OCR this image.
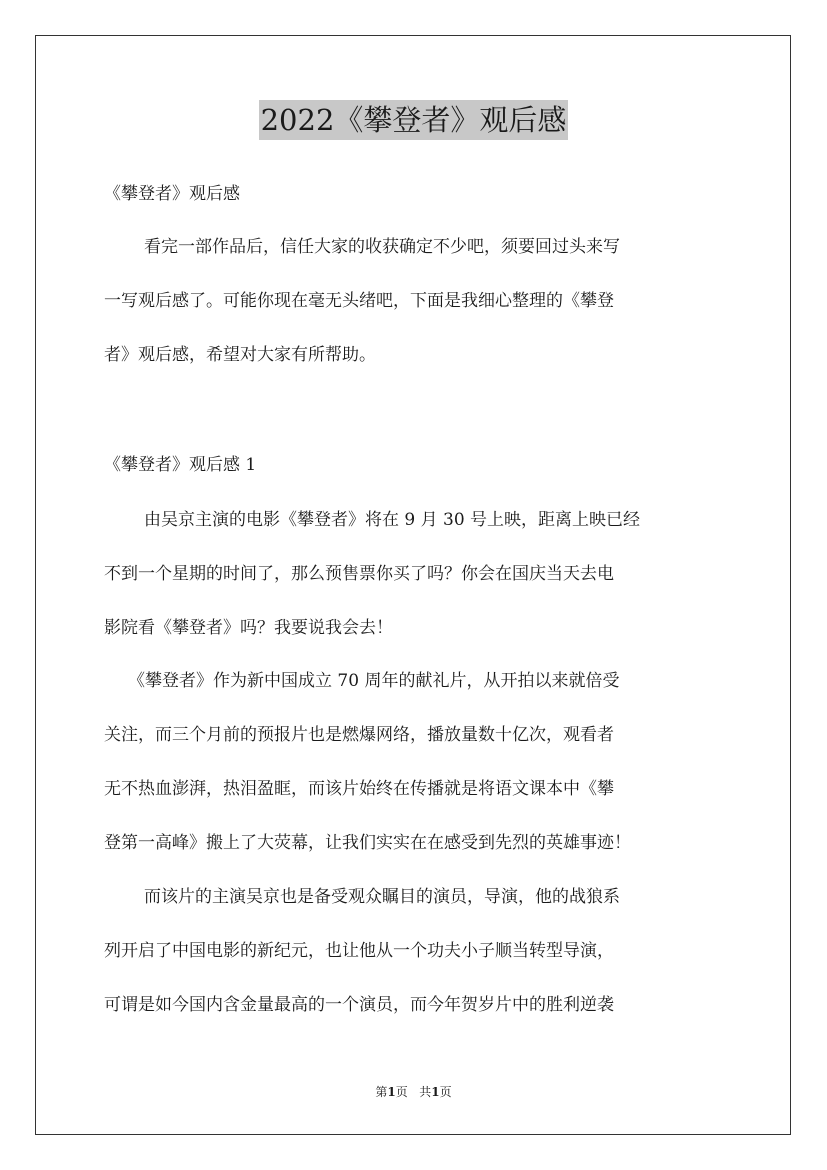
2022《攀登者》观后感
《攀登者》观后感
看完一部作品后，信任大家的收获确定不少吧，须要回过头来写
一写观后感了。可能你现在毫无头绪吧，下面是我细心整理的《攀登
者》观后感，希望对大家有所帮助。
《攀登者》观后感 1
由吴京主演的电影《攀登者》将在 9 月 30 号上映，距离上映已经
不到一个星期的时间了，那么预售票你买了吗？你会在国庆当天去电
影院看《攀登者》吗？我要说我会去！
《攀登者》作为新中国成立 70 周年的献礼片，从开拍以来就倍受
关注，而三个月前的预报片也是燃爆网络，播放量数十亿次，观看者
无不热血澎湃，热泪盈眶，而该片始终在传播就是将语文课本中《攀
登第一高峰》搬上了大荧幕，让我们实实在在感受到先烈的英雄事迹！
而该片的主演吴京也是备受观众瞩目的演员，导演，他的战狼系
列开启了中国电影的新纪元，也让他从一个功夫小子顺当转型导演，
可谓是如今国内含金量最高的一个演员，而今年贺岁片中的胜利逆袭
第1页 共1页
